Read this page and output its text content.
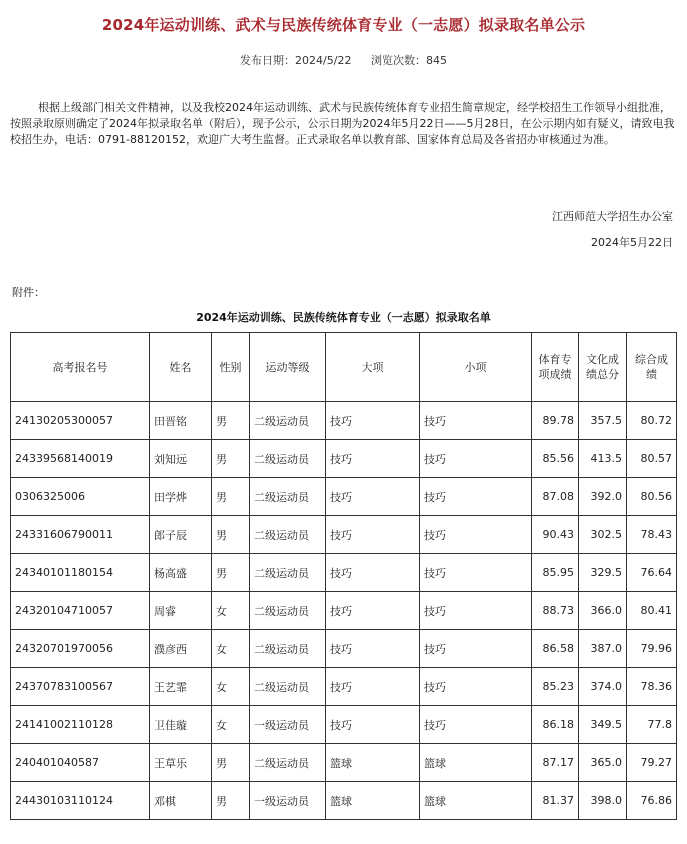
2024年运动训练、武术与民族传统体育专业（一志愿）拟录取名单公示
发布日期：2024/5/22 浏览次数：845

根据上级部门相关文件精神，以及我校2024年运动训练、武术与民族传统体育专业招生简章规定，经学校招生工作领导小组批准，按照录取原则确定了2024年拟录取名单（附后），现予公示，公示日期为2024年5月22日——5月28日，在公示期内如有疑义，请致电我校招生办，电话：0791-88120152，欢迎广大考生监督。正式录取名单以教育部、国家体育总局及各省招办审核通过为准。

江西师范大学招生办公室
2024年5月22日
附件：
2024年运动训练、民族传统体育专业（一志愿）拟录取名单
高考报名号	姓名	性别	运动等级	大项	小项	体育专项成绩	文化成绩总分	综合成绩
24130205300057	田晋铭	男	二级运动员	技巧	技巧	89.78	357.5	80.72
24339568140019	刘知远	男	二级运动员	技巧	技巧	85.56	413.5	80.57
0306325006	田学烨	男	二级运动员	技巧	技巧	87.08	392.0	80.56
24331606790011	郎子辰	男	二级运动员	技巧	技巧	90.43	302.5	78.43
24340101180154	杨高盛	男	二级运动员	技巧	技巧	85.95	329.5	76.64
24320104710057	周睿	女	二级运动员	技巧	技巧	88.73	366.0	80.41
24320701970056	濮彦西	女	二级运动员	技巧	技巧	86.58	387.0	79.96
24370783100567	王艺霏	女	二级运动员	技巧	技巧	85.23	374.0	78.36
24141002110128	卫佳璇	女	一级运动员	技巧	技巧	86.18	349.5	77.8
240401040587	王草乐	男	二级运动员	篮球	篮球	87.17	365.0	79.27
24430103110124	邓棋	男	一级运动员	篮球	篮球	81.37	398.0	76.86
